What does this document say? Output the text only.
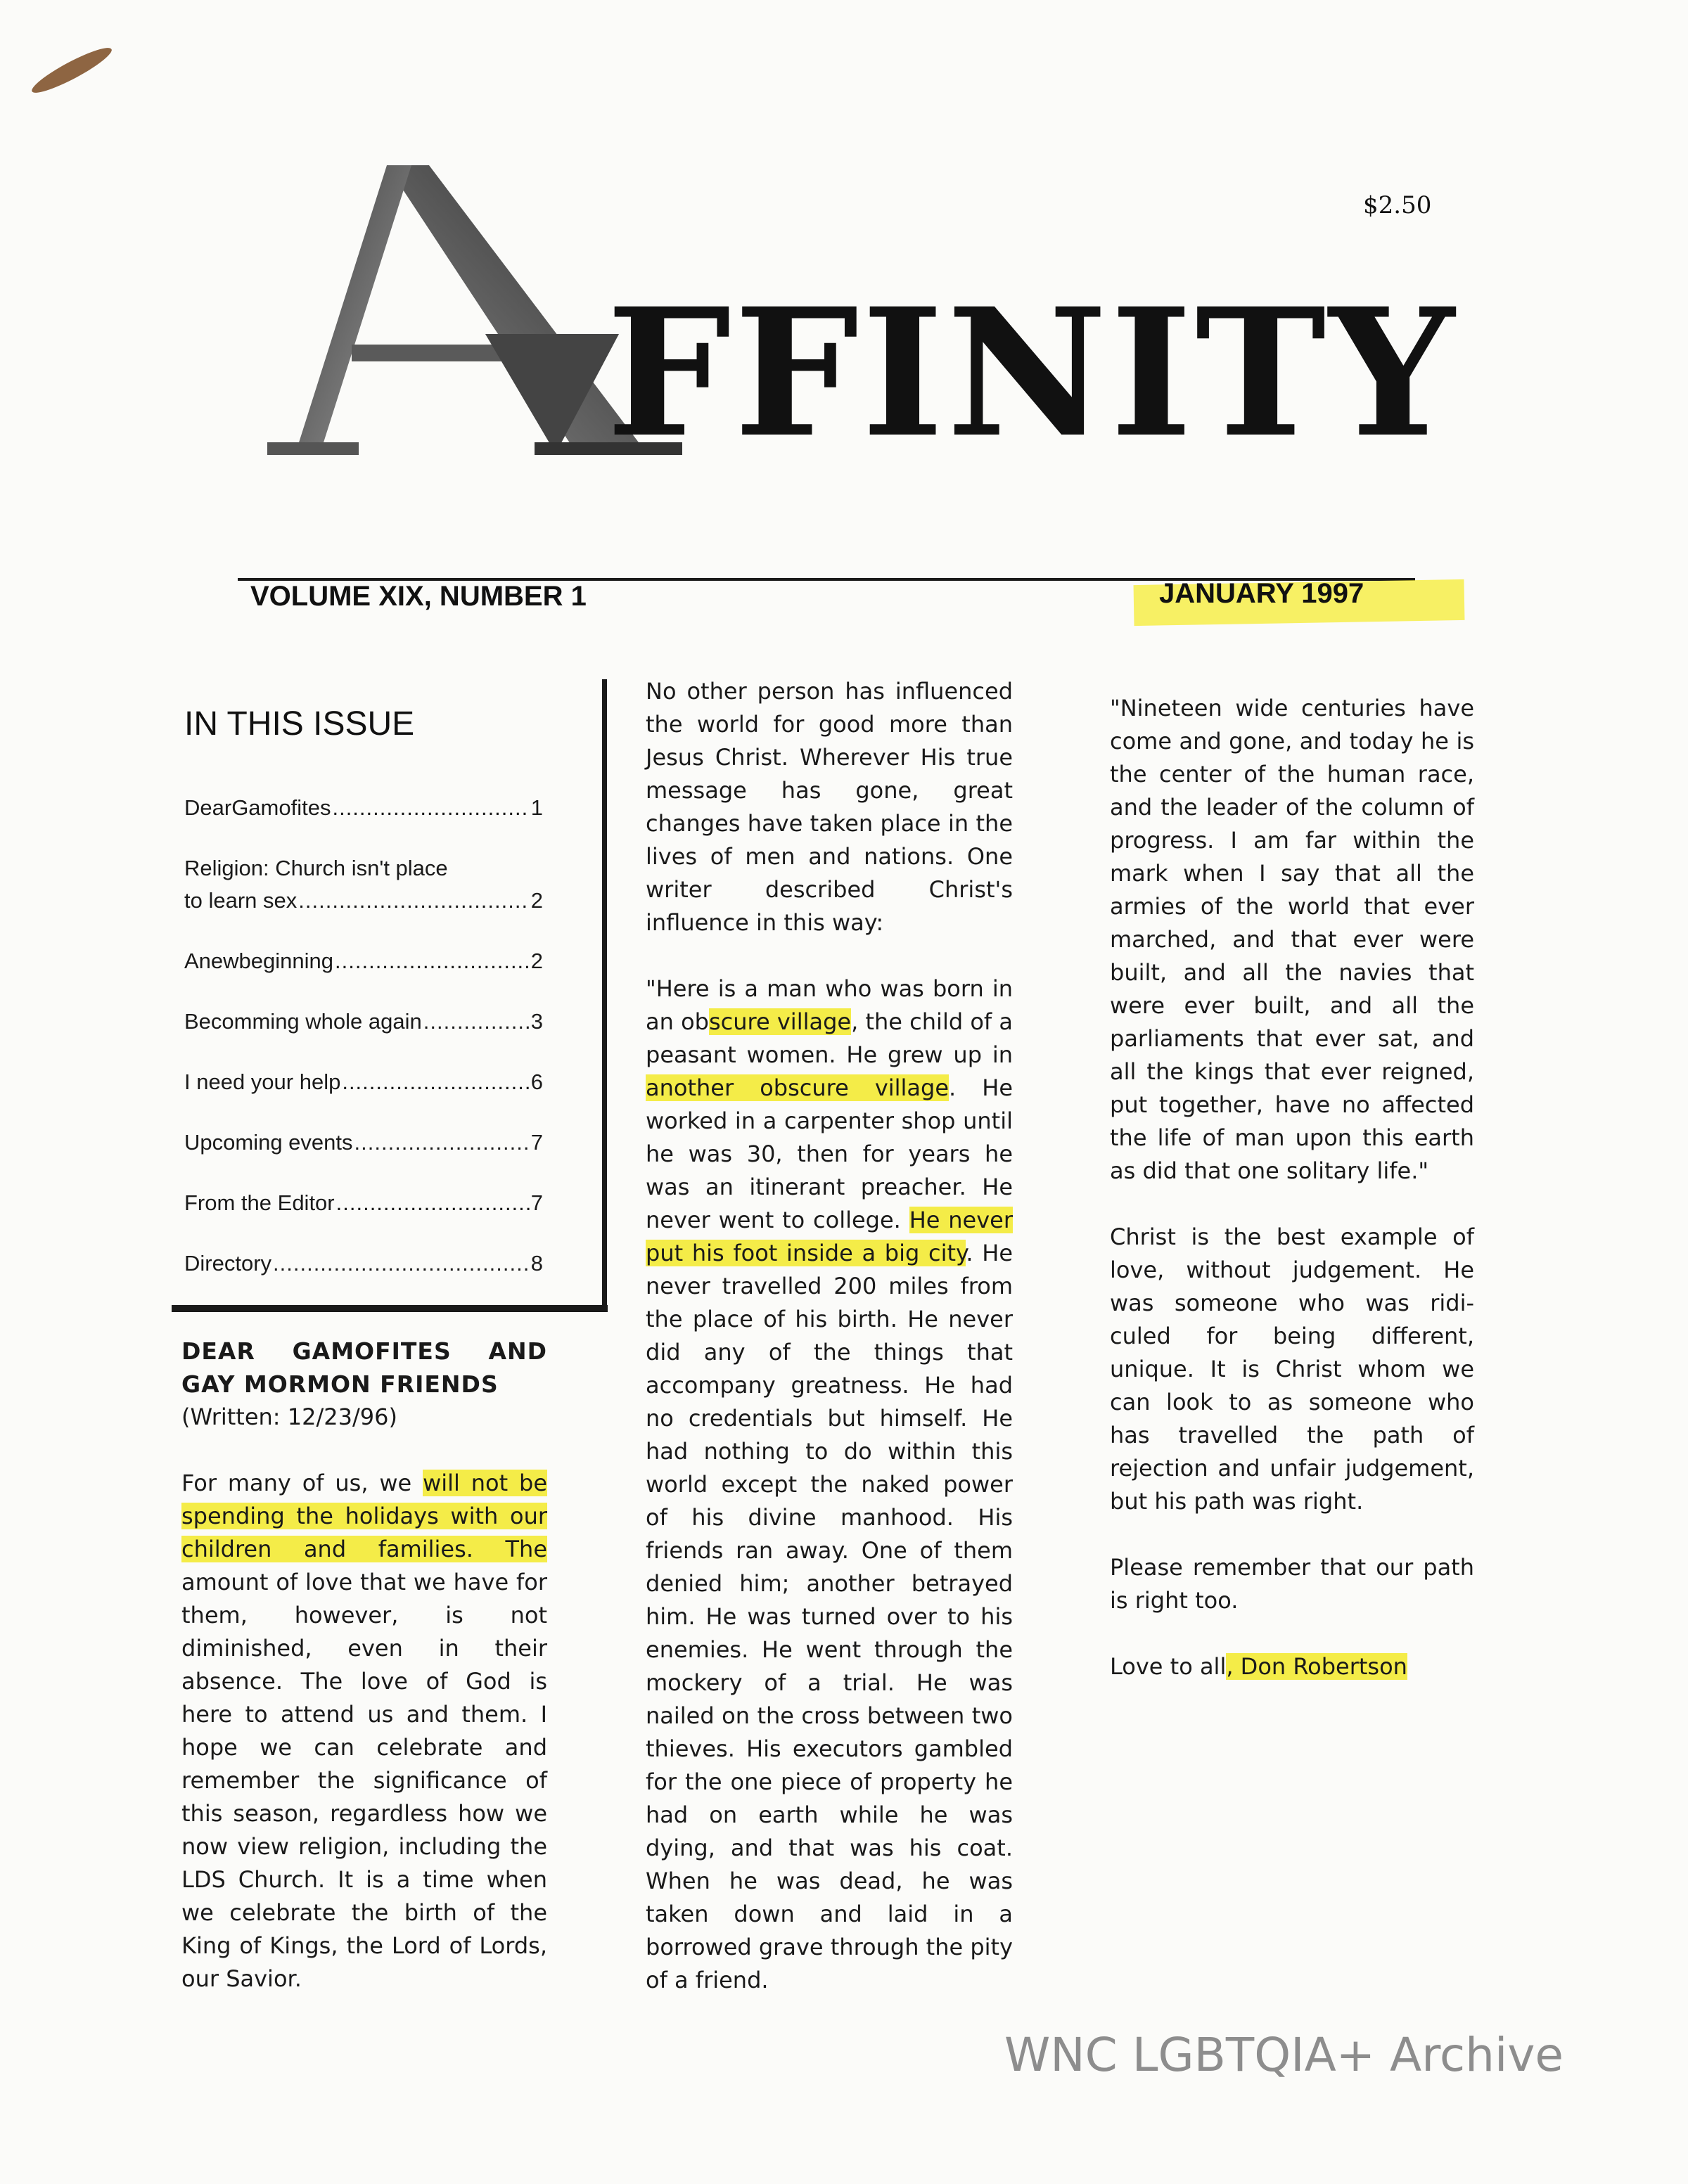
$2.50
FFINITY
VOLUME XIX, NUMBER 1	JANUARY 1997
IN THIS ISSUE
DearGamofites .....	1
Religion: Church isn't place
to learn sex .....	2
Anewbeginning .....	2
Becomming whole again .....	3
I need your help .....	6
Upcoming events .....	7
From the Editor .....	7
Directory .....	8

DEAR GAMOFITES AND GAY MORMON FRIENDS

(Written: 12/23/96)

For many of us, we will not be spending the holidays with our children and families. The amount of love that we have for them, however, is not diminished, even in their absence. The love of God is here to attend us and them. I hope we can celebrate and remember the significance of this season, regardless how we now view religion, including the LDS Church. It is a time when we celebrate the birth of the King of Kings, the Lord of Lords, our Savior.

No other person has influenced the world for good more than Jesus Christ. Wherever His true message has gone, great changes have taken place in the lives of men and nations. One writer described Christ's influence in this way:

"Here is a man who was born in an obscure village, the child of a peasant women. He grew up in another obscure village. He worked in a carpenter shop until he was 30, then for years he was an itinerant preacher. He never went to college. He never put his foot inside a big city. He never travelled 200 miles from the place of his birth. He never did any of the things that accompany greatness. He had no credentials but himself. He had nothing to do within this world except the naked power of his divine manhood. His friends ran away. One of them denied him; another betrayed him. He was turned over to his enemies. He went through the mockery of a trial. He was nailed on the cross between two thieves. His executors gambled for the one piece of property he had on earth while he was dying, and that was his coat. When he was dead, he was taken down and laid in a borrowed grave through the pity of a friend.

"Nineteen wide centuries have come and gone, and today he is the center of the human race, and the leader of the column of progress. I am far within the mark when I say that all the armies of the world that ever marched, and that ever were built, and all the navies that were ever built, and all the parliaments that ever sat, and all the kings that ever reigned, put together, have no affected the life of man upon this earth as did that one solitary life."

Christ is the best example of love, without judgement. He was someone who was ridi-culed for being different, unique. It is Christ whom we can look to as someone who has travelled the path of rejection and unfair judgement, but his path was right.

Please remember that our path is right too.

Love to all, Don Robertson

WNC LGBTQIA+ Archive
